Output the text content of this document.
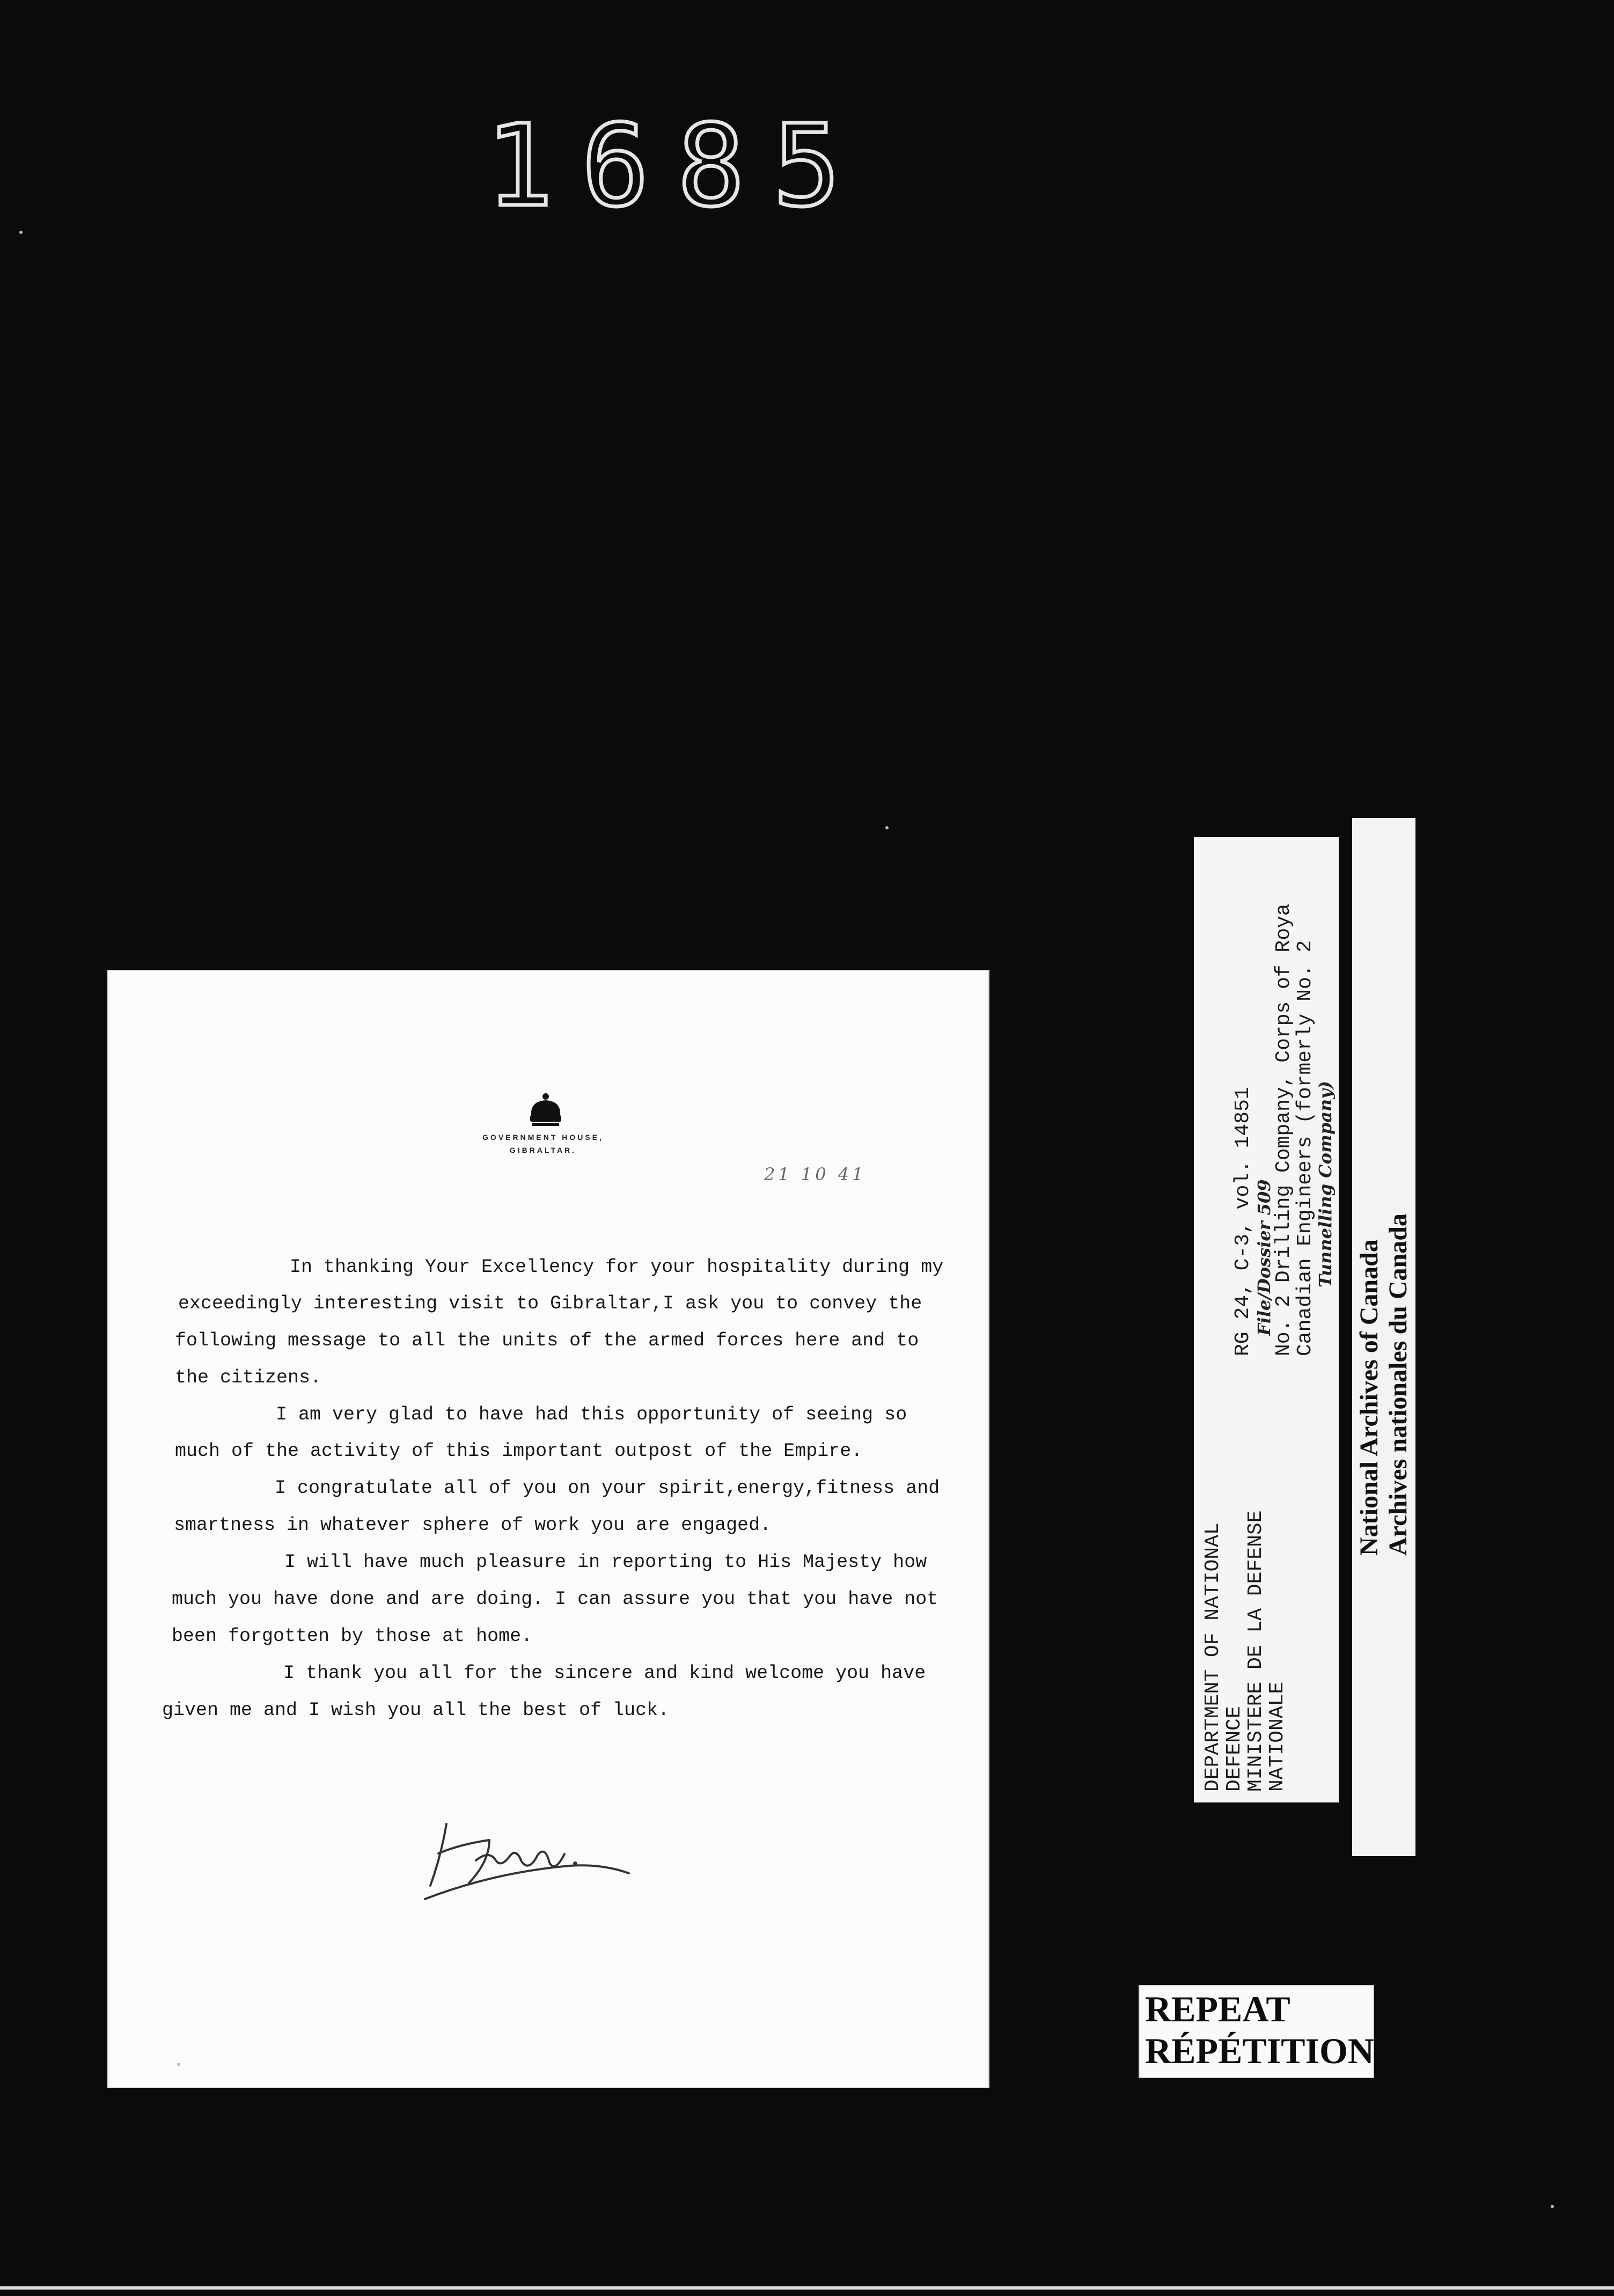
1685
GOVERNMENT HOUSE,
GIBRALTAR.
21 10 41
In thanking Your Excellency for your hospitality during my
exceedingly interesting visit to Gibraltar,I ask you to convey the
following message to all the units of the armed forces here and to
the citizens.
I am very glad to have had this opportunity of seeing so
much of the activity of this important outpost of the Empire.
I congratulate all of you on your spirit,energy,fitness and
smartness in whatever sphere of work you are engaged.
I will have much pleasure in reporting to His Majesty how
much you have done and are doing. I can assure you that you have not
been forgotten by those at home.
I thank you all for the sincere and kind welcome you have
given me and I wish you all the best of luck.	DEPARTMENT OF NATIONAL
DEFENCE
MINISTERE DE LA DEFENSE
NATIONALE
RG 24, C-3, vol. 14851 File/Dossier 509
No. 2 Drilling Company, Corps of Roya
Canadian Engineers (formerly No. 2
Tunnelling Company)
National Archives of Canada Archives nationales du Canada
REPEAT
RÉPÉTITION
